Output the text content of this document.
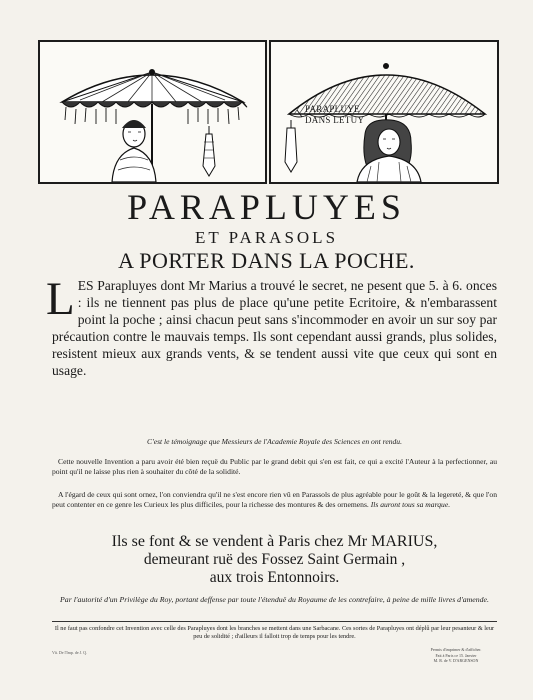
PARAPLUYE
DANS LETUY
PARAPLUYES
ET PARASOLS
A PORTER DANS LA POCHE.

LES Parapluyes dont Mr Marius a trouvé le secret, ne pesent que 5. à 6. onces : ils ne tiennent pas plus de place qu'une petite Ecritoire, & n'embarassent point la poche ; ainsi chacun peut sans s'incommoder en avoir un sur soy par précaution contre le mauvais temps. Ils sont cependant aussi grands, plus solides, resistent mieux aux grands vents, & se tendent aussi vite que ceux qui sont en usage.

C'est le témoignage que Messieurs de l'Academie Royale des Sciences en ont rendu.

Cette nouvelle Invention a paru avoir été bien reçuë du Public par le grand debit qui s'en est fait, ce qui a excité l'Auteur à la perfectionner, au point qu'il ne laisse plus rien à souhaiter du côté de la solidité.

A l'égard de ceux qui sont ornez, l'on conviendra qu'il ne s'est encore rien vû en Parassols de plus agréable pour le goût & la legereté, & que l'on peut contenter en ce genre les Curieux les plus difficiles, pour la richesse des montures & des ornemens. Ils auront tous sa marque.

Ils se font & se vendent à Paris chez Mr MARIUS,
demeurant ruë des Fossez Saint Germain ,
aux trois Entonnoirs.

Par l'autorité d'un Privilège du Roy, portant deffense par toute l'étenduë du Royaume de les contrefaire, à peine de mille livres d'amende.

Il ne faut pas confondre cet Invention avec celle des Parapluyes dont les branches se mettent dans une Sarbacane. Ces sortes de Parapluyes ont déplû par leur pesanteur & leur peu de solidité ; d'ailleurs il falloit trop de temps pour les tendre.

Vû. De l'Imp. de J. Q.
Permis d'imprimer & d'afficher.
Fait à Paris ce 15. Janvier
M. R. de V. D'ARGENSON
